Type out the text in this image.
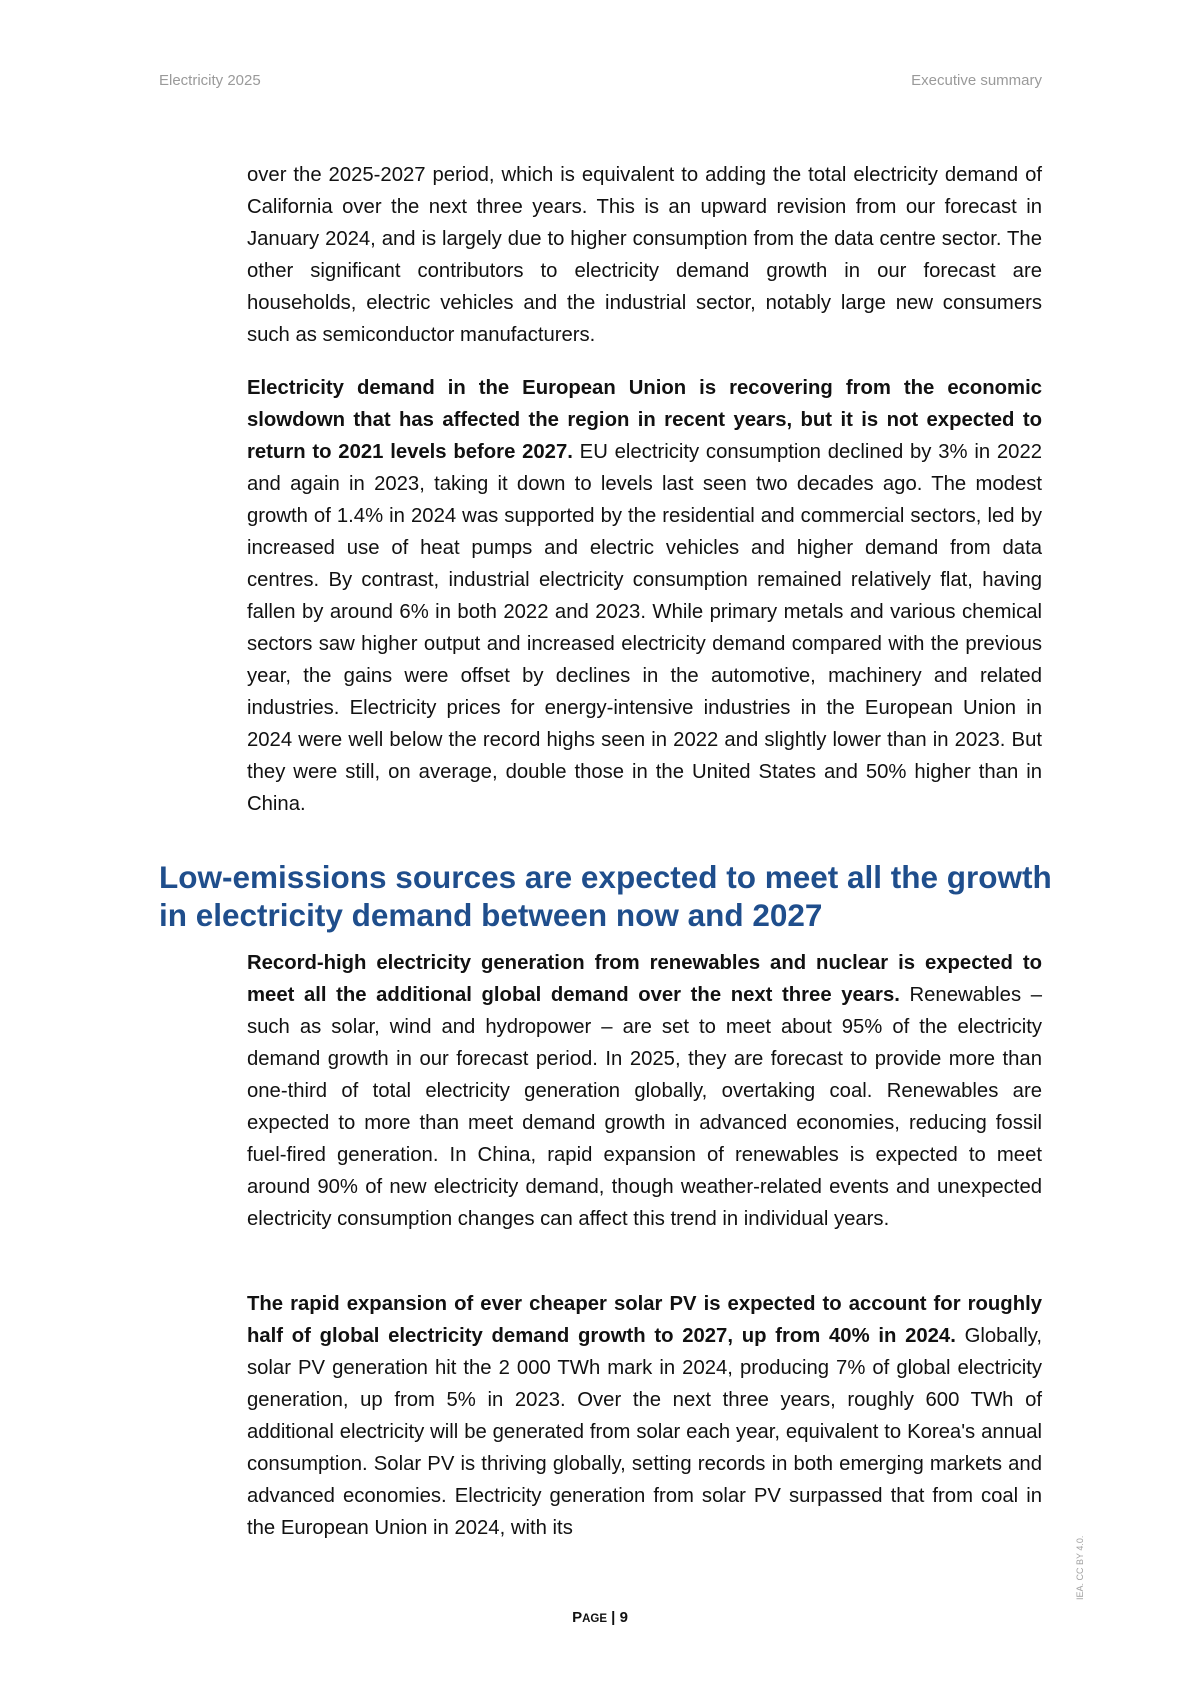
Electricity 2025	Executive summary

over the 2025-2027 period, which is equivalent to adding the total electricity demand of California over the next three years. This is an upward revision from our forecast in January 2024, and is largely due to higher consumption from the data centre sector. The other significant contributors to electricity demand growth in our forecast are households, electric vehicles and the industrial sector, notably large new consumers such as semiconductor manufacturers.

Electricity demand in the European Union is recovering from the economic slowdown that has affected the region in recent years, but it is not expected to return to 2021 levels before 2027. EU electricity consumption declined by 3% in 2022 and again in 2023, taking it down to levels last seen two decades ago. The modest growth of 1.4% in 2024 was supported by the residential and commercial sectors, led by increased use of heat pumps and electric vehicles and higher demand from data centres. By contrast, industrial electricity consumption remained relatively flat, having fallen by around 6% in both 2022 and 2023. While primary metals and various chemical sectors saw higher output and increased electricity demand compared with the previous year, the gains were offset by declines in the automotive, machinery and related industries. Electricity prices for energy-intensive industries in the European Union in 2024 were well below the record highs seen in 2022 and slightly lower than in 2023. But they were still, on average, double those in the United States and 50% higher than in China.

Low-emissions sources are expected to meet all the growth in electricity demand between now and 2027

Record-high electricity generation from renewables and nuclear is expected to meet all the additional global demand over the next three years. Renewables – such as solar, wind and hydropower – are set to meet about 95% of the electricity demand growth in our forecast period. In 2025, they are forecast to provide more than one-third of total electricity generation globally, overtaking coal. Renewables are expected to more than meet demand growth in advanced economies, reducing fossil fuel-fired generation. In China, rapid expansion of renewables is expected to meet around 90% of new electricity demand, though weather-related events and unexpected electricity consumption changes can affect this trend in individual years.

The rapid expansion of ever cheaper solar PV is expected to account for roughly half of global electricity demand growth to 2027, up from 40% in 2024. Globally, solar PV generation hit the 2 000 TWh mark in 2024, producing 7% of global electricity generation, up from 5% in 2023. Over the next three years, roughly 600 TWh of additional electricity will be generated from solar each year, equivalent to Korea's annual consumption. Solar PV is thriving globally, setting records in both emerging markets and advanced economies. Electricity generation from solar PV surpassed that from coal in the European Union in 2024, with its

PAGE | 9

IEA. CC BY 4.0.
